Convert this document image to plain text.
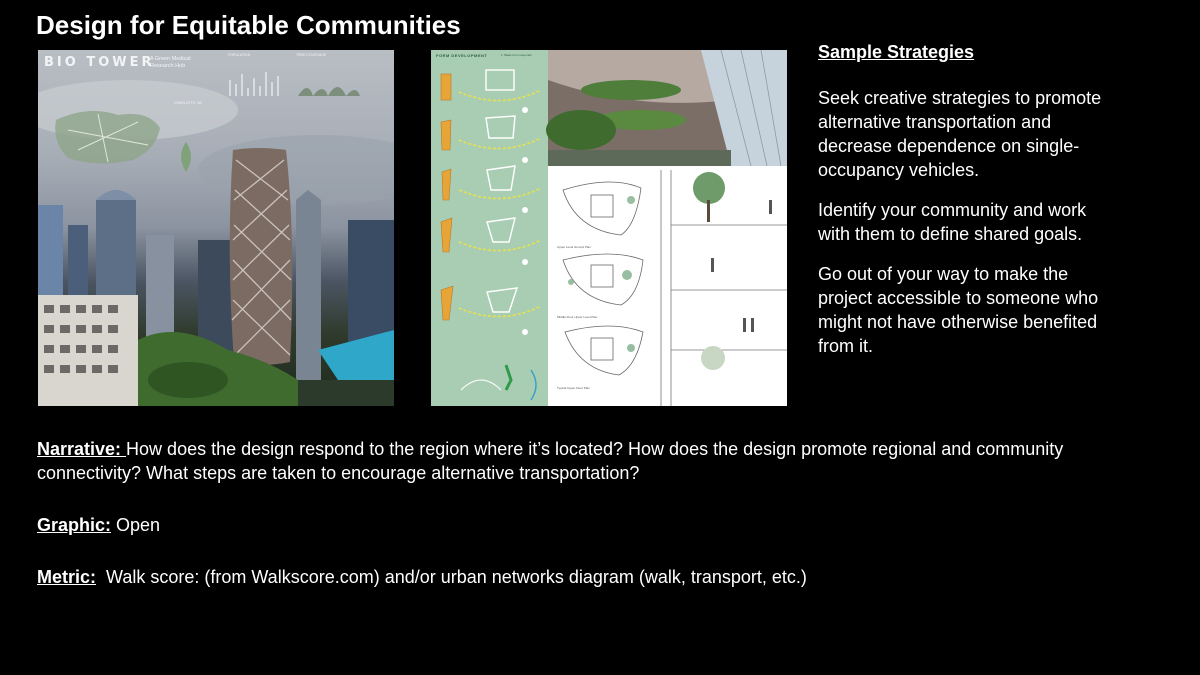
Design for Equitable Communities
BIO TOWER
A Green Medical Research Hub
POPULATION	TREE COVERAGE
CHARLOTTE, NC
FORM DEVELOPMENT	1. Basic form responds
Upper Level Ground Plan
Middle Floor Upper Level Plan
Typical Upper Floor Plan
Sample Strategies
Seek creative strategies to promote alternative transportation and decrease dependence on single-occupancy vehicles.
Identify your community and work with them to define shared goals.
Go out of your way to make the project accessible to someone who might not have otherwise benefited from it.
Narrative: How does the design respond to the region where it’s located? How does the design promote regional and community connectivity? What steps are taken to encourage alternative transportation?
Graphic: Open
Metric:  Walk score: (from Walkscore.com) and/or urban networks diagram (walk, transport, etc.)
